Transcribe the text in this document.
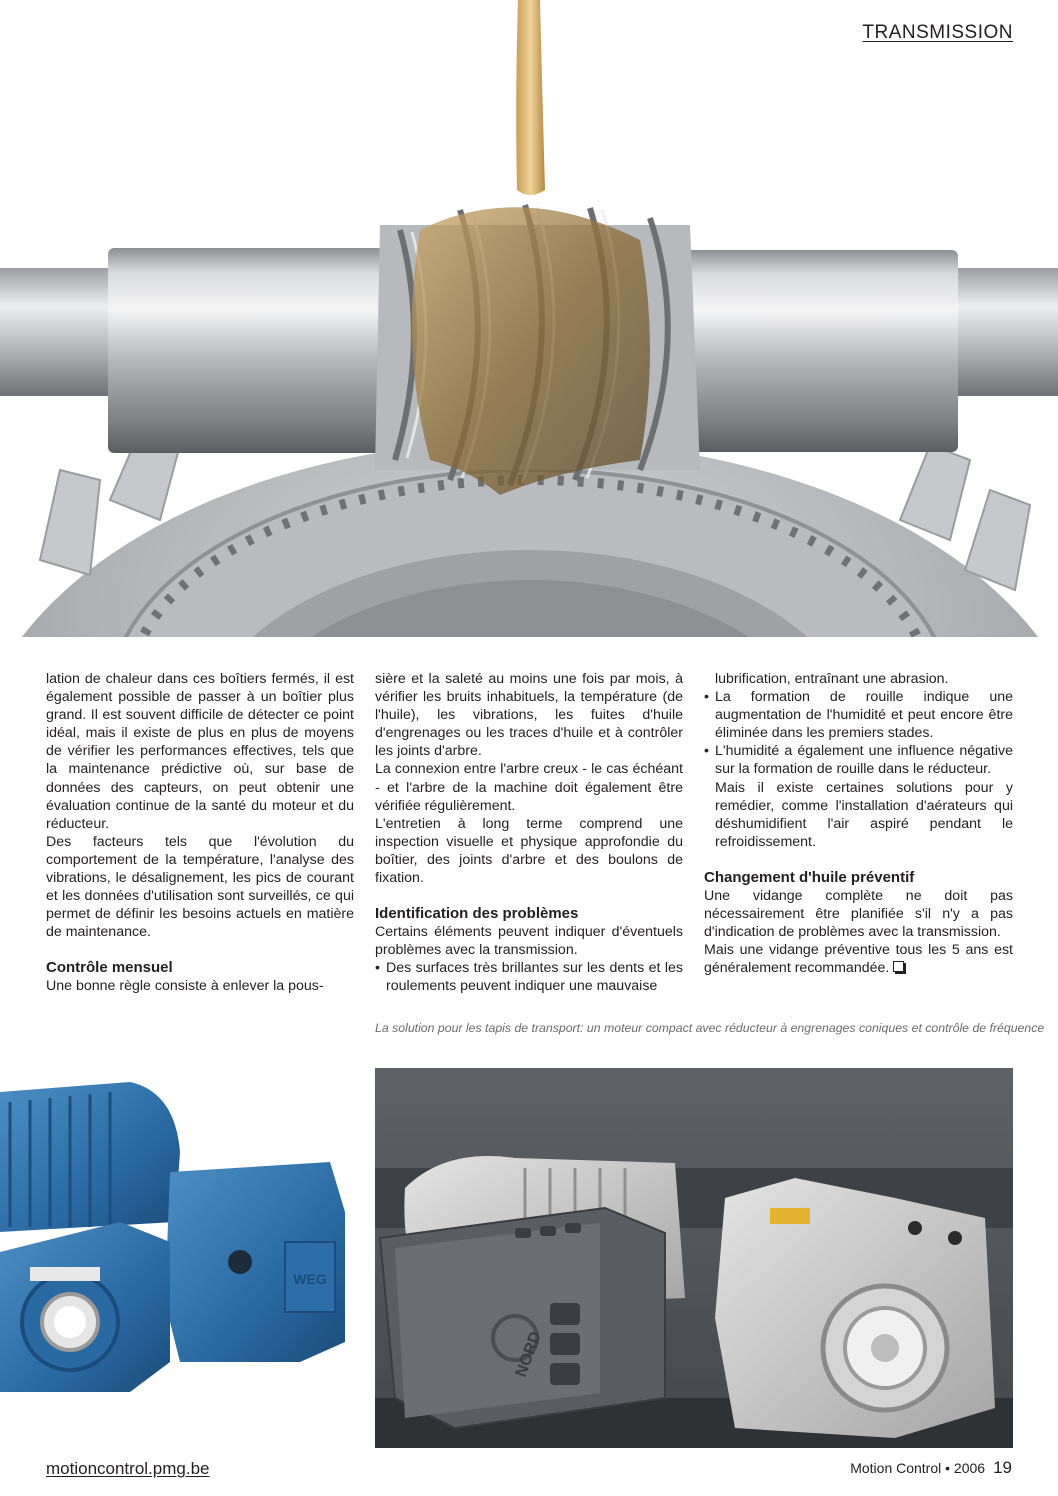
TRANSMISSION

lation de chaleur dans ces boîtiers fermés, il est également possible de passer à un boîtier plus grand. Il est souvent difficile de détecter ce point idéal, mais il existe de plus en plus de moyens de vérifier les performances effectives, tels que la maintenance prédictive où, sur base de données des capteurs, on peut obtenir une évaluation continue de la santé du moteur et du réducteur.

Des facteurs tels que l'évolution du comportement de la température, l'analyse des vibrations, le désalignement, les pics de courant et les données d'utilisation sont surveillés, ce qui permet de définir les besoins actuels en matière de maintenance.

Contrôle mensuel

Une bonne règle consiste à enlever la pous-

sière et la saleté au moins une fois par mois, à vérifier les bruits inhabituels, la température (de l'huile), les vibrations, les fuites d'huile d'engrenages ou les traces d'huile et à contrôler les joints d'arbre.

La connexion entre l'arbre creux - le cas échéant - et l'arbre de la machine doit également être vérifiée régulièrement.

L'entretien à long terme comprend une inspection visuelle et physique approfondie du boîtier, des joints d'arbre et des boulons de fixation.

Identification des problèmes

Certains éléments peuvent indiquer d'éventuels problèmes avec la transmission.

• Des surfaces très brillantes sur les dents et les roulements peuvent indiquer une mauvaise

lubrification, entraînant une abrasion.

• La formation de rouille indique une augmentation de l'humidité et peut encore être éliminée dans les premiers stades.
• L'humidité a également une influence négative sur la formation de rouille dans le réducteur.

Mais il existe certaines solutions pour y remédier, comme l'installation d'aérateurs qui déshumidifient l'air aspiré pendant le refroidissement.

Changement d'huile préventif

Une vidange complète ne doit pas nécessairement être planifiée s'il n'y a pas d'indication de problèmes avec la transmission.

Mais une vidange préventive tous les 5 ans est généralement recommandée.

La solution pour les tapis de transport: un moteur compact avec réducteur à engrenages coniques et contrôle de fréquence
WEG
NORD
motioncontrol.pmg.be	Motion Control • 2006 19
